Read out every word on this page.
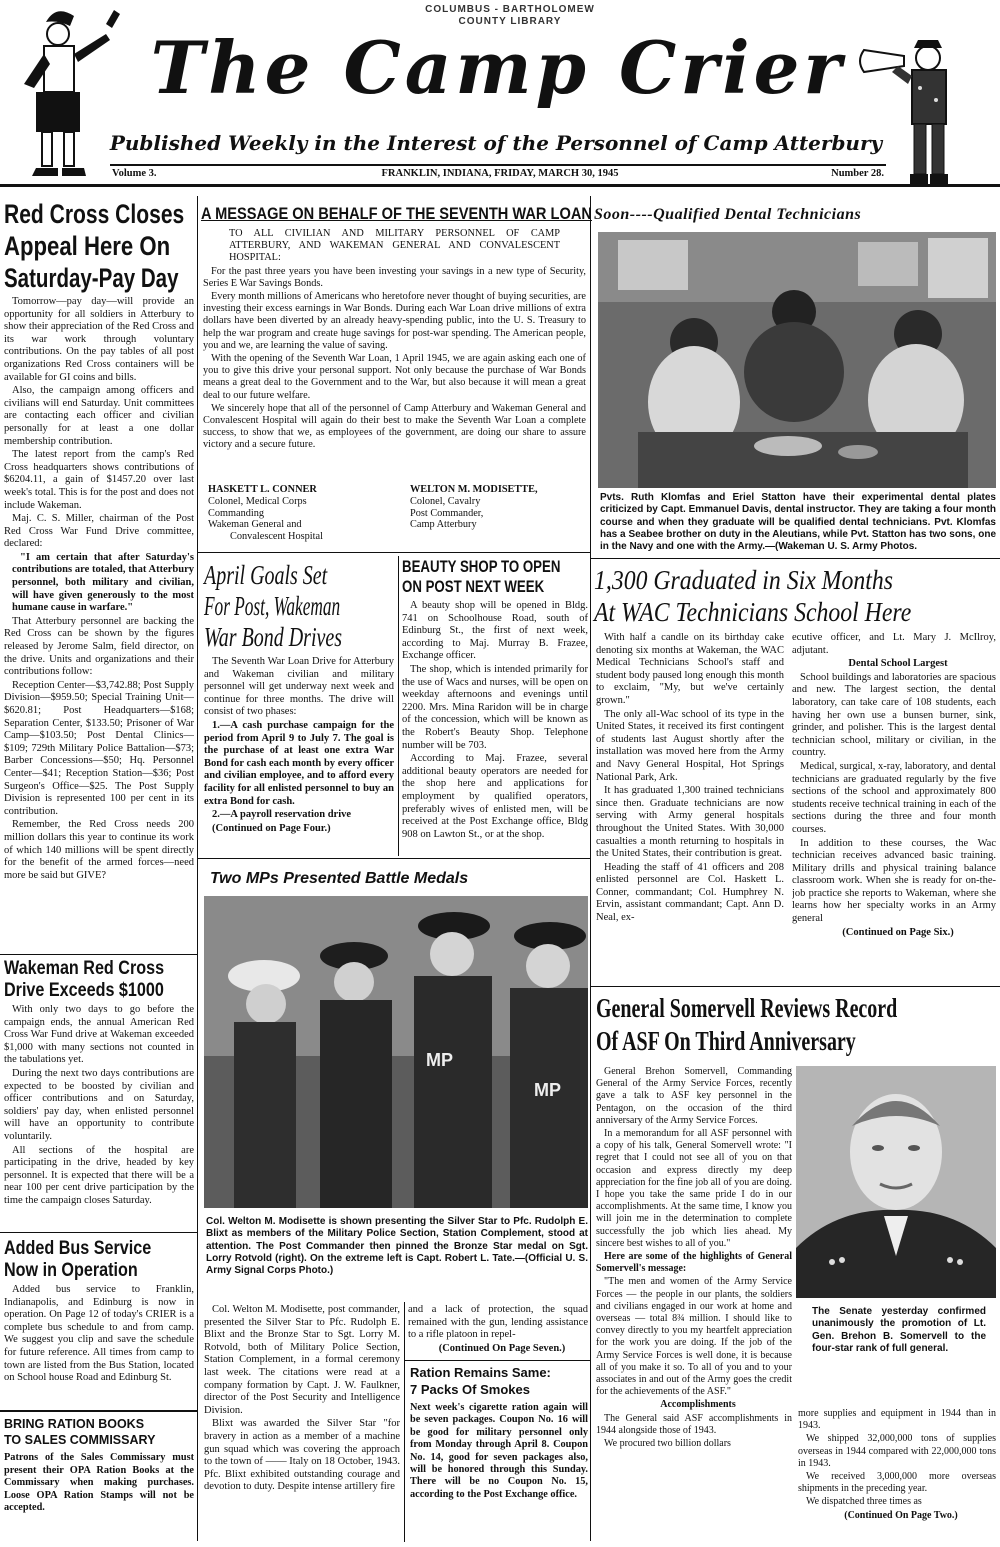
COLUMBUS - BARTHOLOMEW
COUNTY LIBRARY
The Camp Crier
Published Weekly in the Interest of the Personnel of Camp Atterbury
Volume 3.	FRANKLIN, INDIANA, FRIDAY, MARCH 30, 1945	Number 28.
Red Cross Closes
Appeal Here On
Saturday-Pay Day

Tomorrow—pay day—will provide an opportunity for all soldiers in Atterbury to show their appreciation of the Red Cross and its war work through voluntary contributions. On the pay tables of all post organizations Red Cross containers will be available for GI coins and bills.

Also, the campaign among officers and civilians will end Saturday. Unit committees are contacting each officer and civilian personally for at least a one dollar membership contribution.

The latest report from the camp's Red Cross headquarters shows contributions of $6204.11, a gain of $1457.20 over last week's total. This is for the post and does not include Wakeman.

Maj. C. S. Miller, chairman of the Post Red Cross War Fund Drive committee, declared:

"I am certain that after Saturday's contributions are totaled, that Atterbury personnel, both military and civilian, will have given generously to the most humane cause in warfare."

That Atterbury personnel are backing the Red Cross can be shown by the figures released by Jerome Salm, field director, on the drive. Units and organizations and their contributions follow:

Reception Center—$3,742.88; Post Supply Division—$959.50; Special Training Unit—$620.81; Post Headquarters—$168; Separation Center, $133.50; Prisoner of War Camp—$103.50; Post Dental Clinics—$109; 729th Military Police Battalion—$73; Barber Concessions—$50; Hq. Personnel Center—$41; Reception Station—$36; Post Surgeon's Office—$25. The Post Supply Division is represented 100 per cent in its contribution.

Remember, the Red Cross needs 200 million dollars this year to continue its work of which 140 millions will be spent directly for the benefit of the armed forces—need more be said but GIVE?

Wakeman Red Cross
Drive Exceeds $1000

With only two days to go before the campaign ends, the annual American Red Cross War Fund drive at Wakeman exceeded $1,000 with many sections not counted in the tabulations yet.

During the next two days contributions are expected to be boosted by civilian and officer contributions and on Saturday, soldiers' pay day, when enlisted personnel will have an opportunity to contribute voluntarily.

All sections of the hospital are participating in the drive, headed by key personnel. It is expected that there will be a near 100 per cent drive participation by the time the campaign closes Saturday.

Added Bus Service
Now in Operation

Added bus service to Franklin, Indianapolis, and Edinburg is now in operation. On Page 12 of today's CRIER is a complete bus schedule to and from camp. We suggest you clip and save the schedule for future reference. All times from camp to town are listed from the Bus Station, located on School house Road and Edinburg St.

BRING RATION BOOKS
TO SALES COMMISSARY
Patrons of the Sales Commissary must present their OPA Ration Books at the Commissary when making purchases. Loose OPA Ration Stamps will not be accepted.
A MESSAGE ON BEHALF OF THE SEVENTH WAR LOAN

TO ALL CIVILIAN AND MILITARY PERSONNEL OF CAMP ATTERBURY, AND WAKEMAN GENERAL AND CONVALESCENT HOSPITAL:

For the past three years you have been investing your savings in a new type of Security, Series E War Savings Bonds.

Every month millions of Americans who heretofore never thought of buying securities, are investing their excess earnings in War Bonds. During each War Loan drive millions of extra dollars have been diverted by an already heavy-spending public, into the U. S. Treasury to help the war program and create huge savings for post-war spending. The American people, you and we, are learning the value of saving.

With the opening of the Seventh War Loan, 1 April 1945, we are again asking each one of you to give this drive your personal support. Not only because the purchase of War Bonds means a great deal to the Government and to the War, but also because it will mean a great deal to our future welfare.

We sincerely hope that all of the personnel of Camp Atterbury and Wakeman General and Convalescent Hospital will again do their best to make the Seventh War Loan a complete success, to show that we, as employees of the government, are doing our share to assure victory and a secure future.

HASKETT L. CONNER
Colonel, Medical Corps
Commanding
Wakeman General and
Convalescent Hospital
WELTON M. MODISETTE,
Colonel, Cavalry
Post Commander,
Camp Atterbury
April Goals Set
For Post, Wakeman
War Bond Drives

The Seventh War Loan Drive for Atterbury and Wakeman civilian and military personnel will get underway next week and continue for three months. The drive will consist of two phases:

1.—A cash purchase campaign for the period from April 9 to July 7. The goal is the purchase of at least one extra War Bond for cash each month by every officer and civilian employee, and to afford every facility for all enlisted personnel to buy an extra Bond for cash.

2.—A payroll reservation drive

(Continued on Page Four.)

BEAUTY SHOP TO OPEN
ON POST NEXT WEEK

A beauty shop will be opened in Bldg. 741 on Schoolhouse Road, south of Edinburg St., the first of next week, according to Maj. Murray B. Frazee, Exchange officer.

The shop, which is intended primarily for the use of Wacs and nurses, will be open on weekday afternoons and evenings until 2200. Mrs. Mina Raridon will be in charge of the concession, which will be known as the Robert's Beauty Shop. Telephone number will be 703.

According to Maj. Frazee, several additional beauty operators are needed for the shop here and applications for employment by qualified operators, preferably wives of enlisted men, will be received at the Post Exchange office, Bldg 908 on Lawton St., or at the shop.

Soon----Qualified Dental Technicians
Pvts. Ruth Klomfas and Eriel Statton have their experimental dental plates criticized by Capt. Emmanuel Davis, dental instructor. They are taking a four month course and when they graduate will be qualified dental technicians. Pvt. Klomfas has a Seabee brother on duty in the Aleutians, while Pvt. Statton has two sons, one in the Navy and one with the Army.—(Wakeman U. S. Army Photos.
1,300 Graduated in Six Months
At WAC Technicians School Here

With half a candle on its birthday cake denoting six months at Wakeman, the WAC Medical Technicians School's staff and student body paused long enough this month to exclaim, "My, but we've certainly grown."

The only all-Wac school of its type in the United States, it received its first contingent of students last August shortly after the installation was moved here from the Army and Navy General Hospital, Hot Springs National Park, Ark.

It has graduated 1,300 trained technicians since then. Graduate technicians are now serving with Army general hospitals throughout the United States. With 30,000 casualties a month returning to hospitals in the United States, their contribution is great.

Heading the staff of 41 officers and 208 enlisted personnel are Col. Haskett L. Conner, commandant; Col. Humphrey N. Ervin, assistant commandant; Capt. Ann D. Neal, ex-

ecutive officer, and Lt. Mary J. McIlroy, adjutant.

Dental School Largest

School buildings and laboratories are spacious and new. The largest section, the dental laboratory, can take care of 108 students, each having her own use a bunsen burner, sink, grinder, and polisher. This is the largest dental technician school, military or civilian, in the country.

Medical, surgical, x-ray, laboratory, and dental technicians are graduated regularly by the five sections of the school and approximately 800 students receive technical training in each of the sections during the three and four month courses.

In addition to these courses, the Wac technician receives advanced basic training. Military drills and physical training balance classroom work. When she is ready for on-the-job practice she reports to Wakeman, where she learns how her specialty works in an Army general

(Continued on Page Six.)

Two MPs Presented Battle Medals
MP
MP
Col. Welton M. Modisette is shown presenting the Silver Star to Pfc. Rudolph E. Blixt as members of the Military Police Section, Station Complement, stood at attention. The Post Commander then pinned the Bronze Star medal on Sgt. Lorry Rotvold (right). On the extreme left is Capt. Robert L. Tate.—(Official U. S. Army Signal Corps Photo.)

Col. Welton M. Modisette, post commander, presented the Silver Star to Pfc. Rudolph E. Blixt and the Bronze Star to Sgt. Lorry M. Rotvold, both of Military Police Section, Station Complement, in a formal ceremony last week. The citations were read at a company formation by Capt. J. W. Faulkner, director of the Post Security and Intelligence Division.

Blixt was awarded the Silver Star "for bravery in action as a member of a machine gun squad which was covering the approach to the town of —— Italy on 18 October, 1943. Pfc. Blixt exhibited outstanding courage and devotion to duty. Despite intense artillery fire

and a lack of protection, the squad remained with the gun, lending assistance to a rifle platoon in repel-

(Continued On Page Seven.)

Ration Remains Same:
7 Packs Of Smokes
Next week's cigarette ration again will be seven packages. Coupon No. 16 will be good for military personnel only from Monday through April 8. Coupon No. 14, good for seven packages also, will be honored through this Sunday. There will be no Coupon No. 15, according to the Post Exchange office.
General Somervell Reviews Record
Of ASF On Third Anniversary

General Brehon Somervell, Commanding General of the Army Service Forces, recently gave a talk to ASF key personnel in the Pentagon, on the occasion of the third anniversary of the Army Service Forces.

In a memorandum for all ASF personnel with a copy of his talk, General Somervell wrote: "I regret that I could not see all of you on that occasion and express directly my deep appreciation for the fine job all of you are doing. I hope you take the same pride I do in our accomplishments. At the same time, I know you will join me in the determination to complete successfully the job which lies ahead. My sincere best wishes to all of you."

Here are some of the highlights of General Somervell's message:

"The men and women of the Army Service Forces — the people in our plants, the soldiers and civilians engaged in our work at home and overseas — total 8¾ million. I should like to convey directly to you my heartfelt appreciation for the work you are doing. If the job of the Army Service Forces is well done, it is because all of you make it so. To all of you and to your associates in and out of the Army goes the credit for the achievements of the ASF."

Accomplishments

The General said ASF accomplishments in 1944 alongside those of 1943.

We procured two billion dollars

The Senate yesterday confirmed unanimously the promotion of Lt. Gen. Brehon B. Somervell to the four-star rank of full general.

more supplies and equipment in 1944 than in 1943.

We shipped 32,000,000 tons of supplies overseas in 1944 compared with 22,000,000 tons in 1943.

We received 3,000,000 more overseas shipments in the preceding year.

We dispatched three times as

(Continued On Page Two.)
